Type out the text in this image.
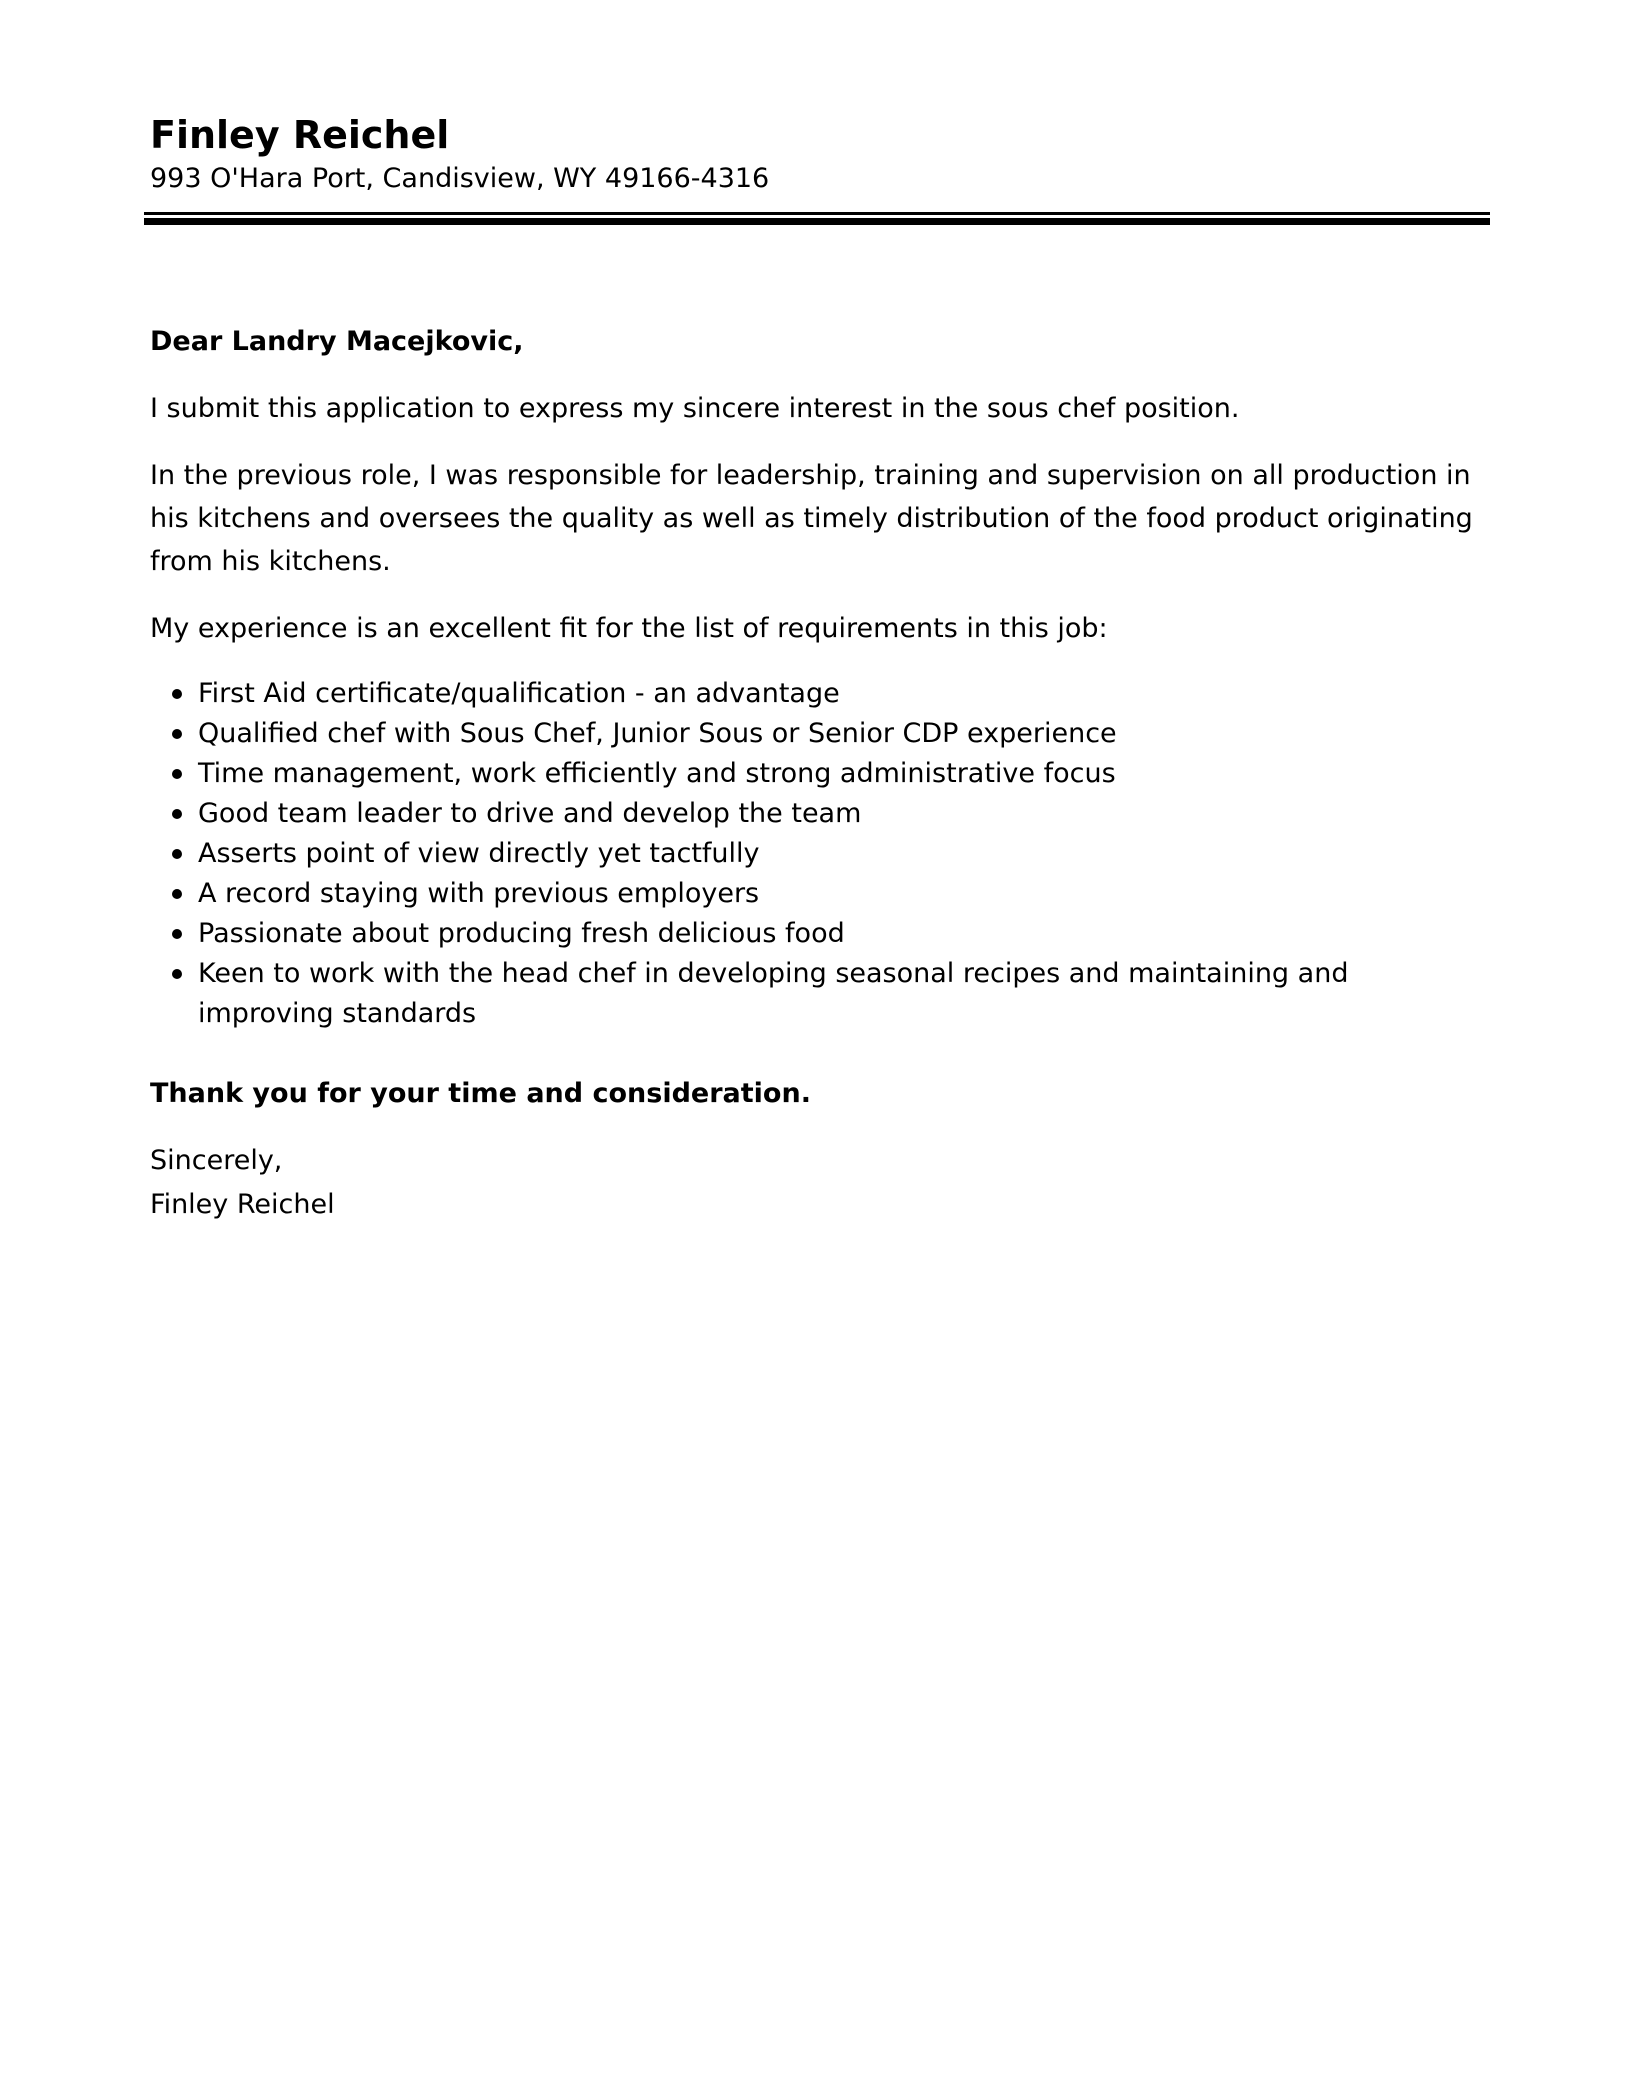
Finley Reichel

993 O'Hara Port, Candisview, WY 49166-4316

Dear Landry Macejkovic,

I submit this application to express my sincere interest in the sous chef position.

In the previous role, I was responsible for leadership, training and supervision on all production in his kitchens and oversees the quality as well as timely distribution of the food product originating from his kitchens.

My experience is an excellent fit for the list of requirements in this job:

First Aid certificate/qualification - an advantage
Qualified chef with Sous Chef, Junior Sous or Senior CDP experience
Time management, work efficiently and strong administrative focus
Good team leader to drive and develop the team
Asserts point of view directly yet tactfully
A record staying with previous employers
Passionate about producing fresh delicious food
Keen to work with the head chef in developing seasonal recipes and maintaining and improving standards

Thank you for your time and consideration.

Sincerely,

Finley Reichel
